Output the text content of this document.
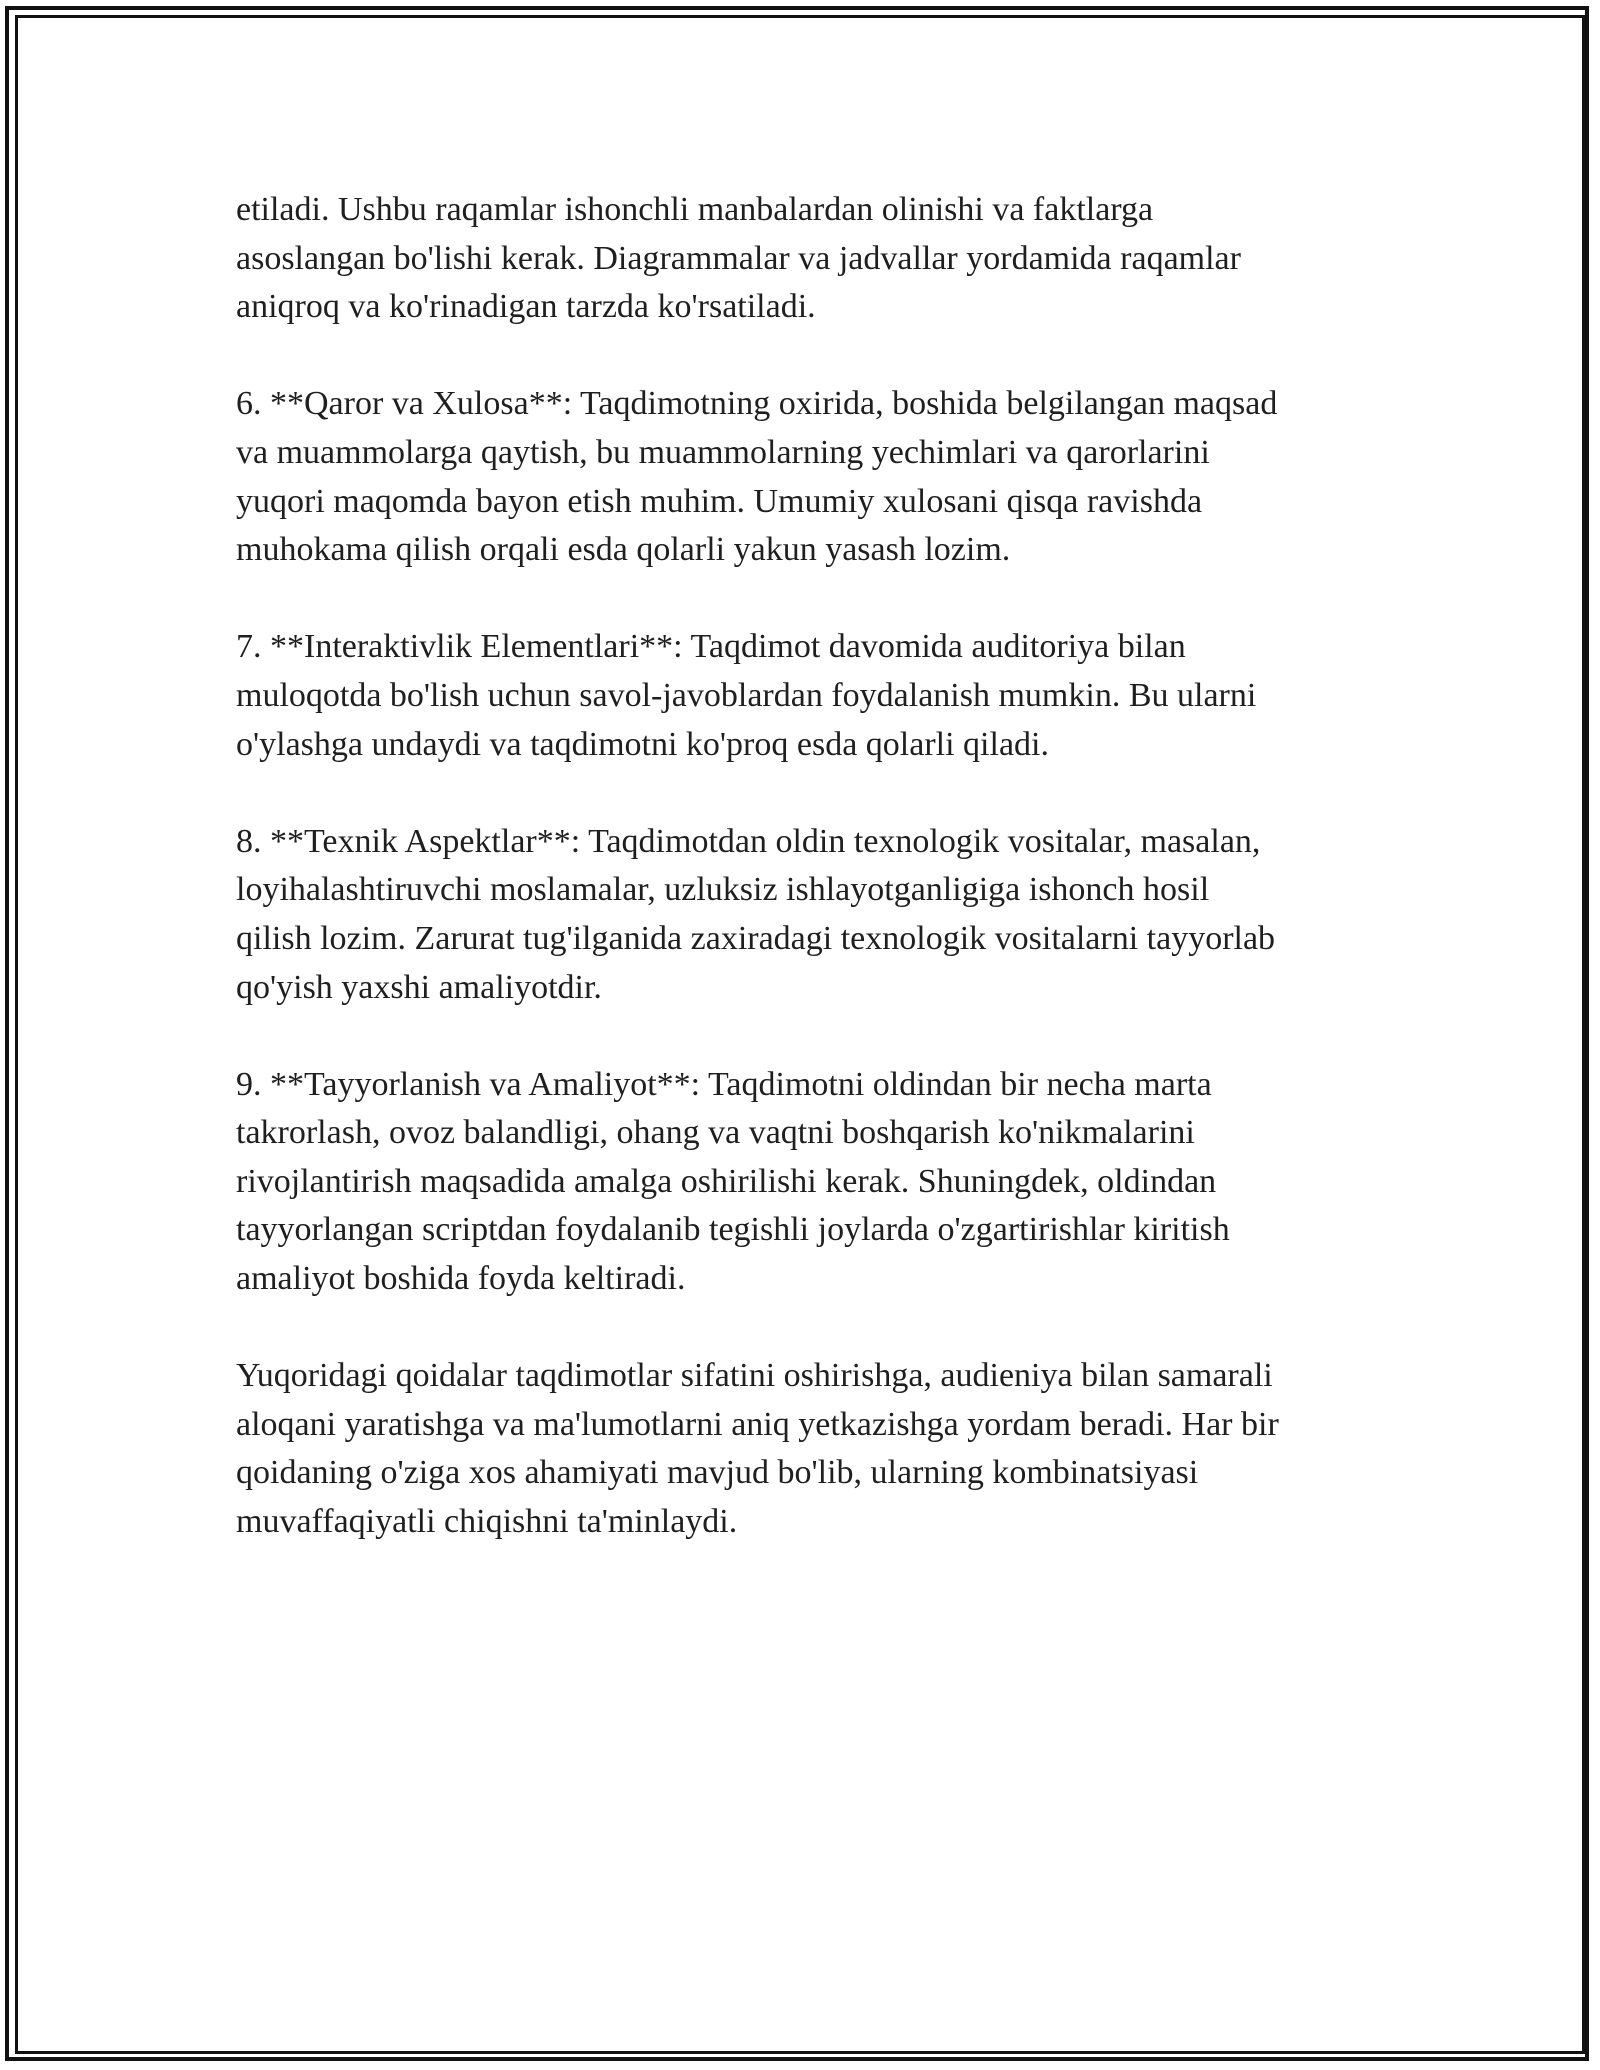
etiladi. Ushbu raqamlar ishonchli manbalardan olinishi va faktlarga
asoslangan bo'lishi kerak. Diagrammalar va jadvallar yordamida raqamlar
aniqroq va ko'rinadigan tarzda ko'rsatiladi.

6. **Qaror va Xulosa**: Taqdimotning oxirida, boshida belgilangan maqsad
va muammolarga qaytish, bu muammolarning yechimlari va qarorlarini
yuqori maqomda bayon etish muhim. Umumiy xulosani qisqa ravishda
muhokama qilish orqali esda qolarli yakun yasash lozim.

7. **Interaktivlik Elementlari**: Taqdimot davomida auditoriya bilan
muloqotda bo'lish uchun savol-javoblardan foydalanish mumkin. Bu ularni
o'ylashga undaydi va taqdimotni ko'proq esda qolarli qiladi.

8. **Texnik Aspektlar**: Taqdimotdan oldin texnologik vositalar, masalan,
loyihalashtiruvchi moslamalar, uzluksiz ishlayotganligiga ishonch hosil
qilish lozim. Zarurat tug'ilganida zaxiradagi texnologik vositalarni tayyorlab
qo'yish yaxshi amaliyotdir.

9. **Tayyorlanish va Amaliyot**: Taqdimotni oldindan bir necha marta
takrorlash, ovoz balandligi, ohang va vaqtni boshqarish ko'nikmalarini
rivojlantirish maqsadida amalga oshirilishi kerak. Shuningdek, oldindan
tayyorlangan scriptdan foydalanib tegishli joylarda o'zgartirishlar kiritish
amaliyot boshida foyda keltiradi.

Yuqoridagi qoidalar taqdimotlar sifatini oshirishga, audieniya bilan samarali
aloqani yaratishga va ma'lumotlarni aniq yetkazishga yordam beradi. Har bir
qoidaning o'ziga xos ahamiyati mavjud bo'lib, ularning kombinatsiyasi
muvaffaqiyatli chiqishni ta'minlaydi.
